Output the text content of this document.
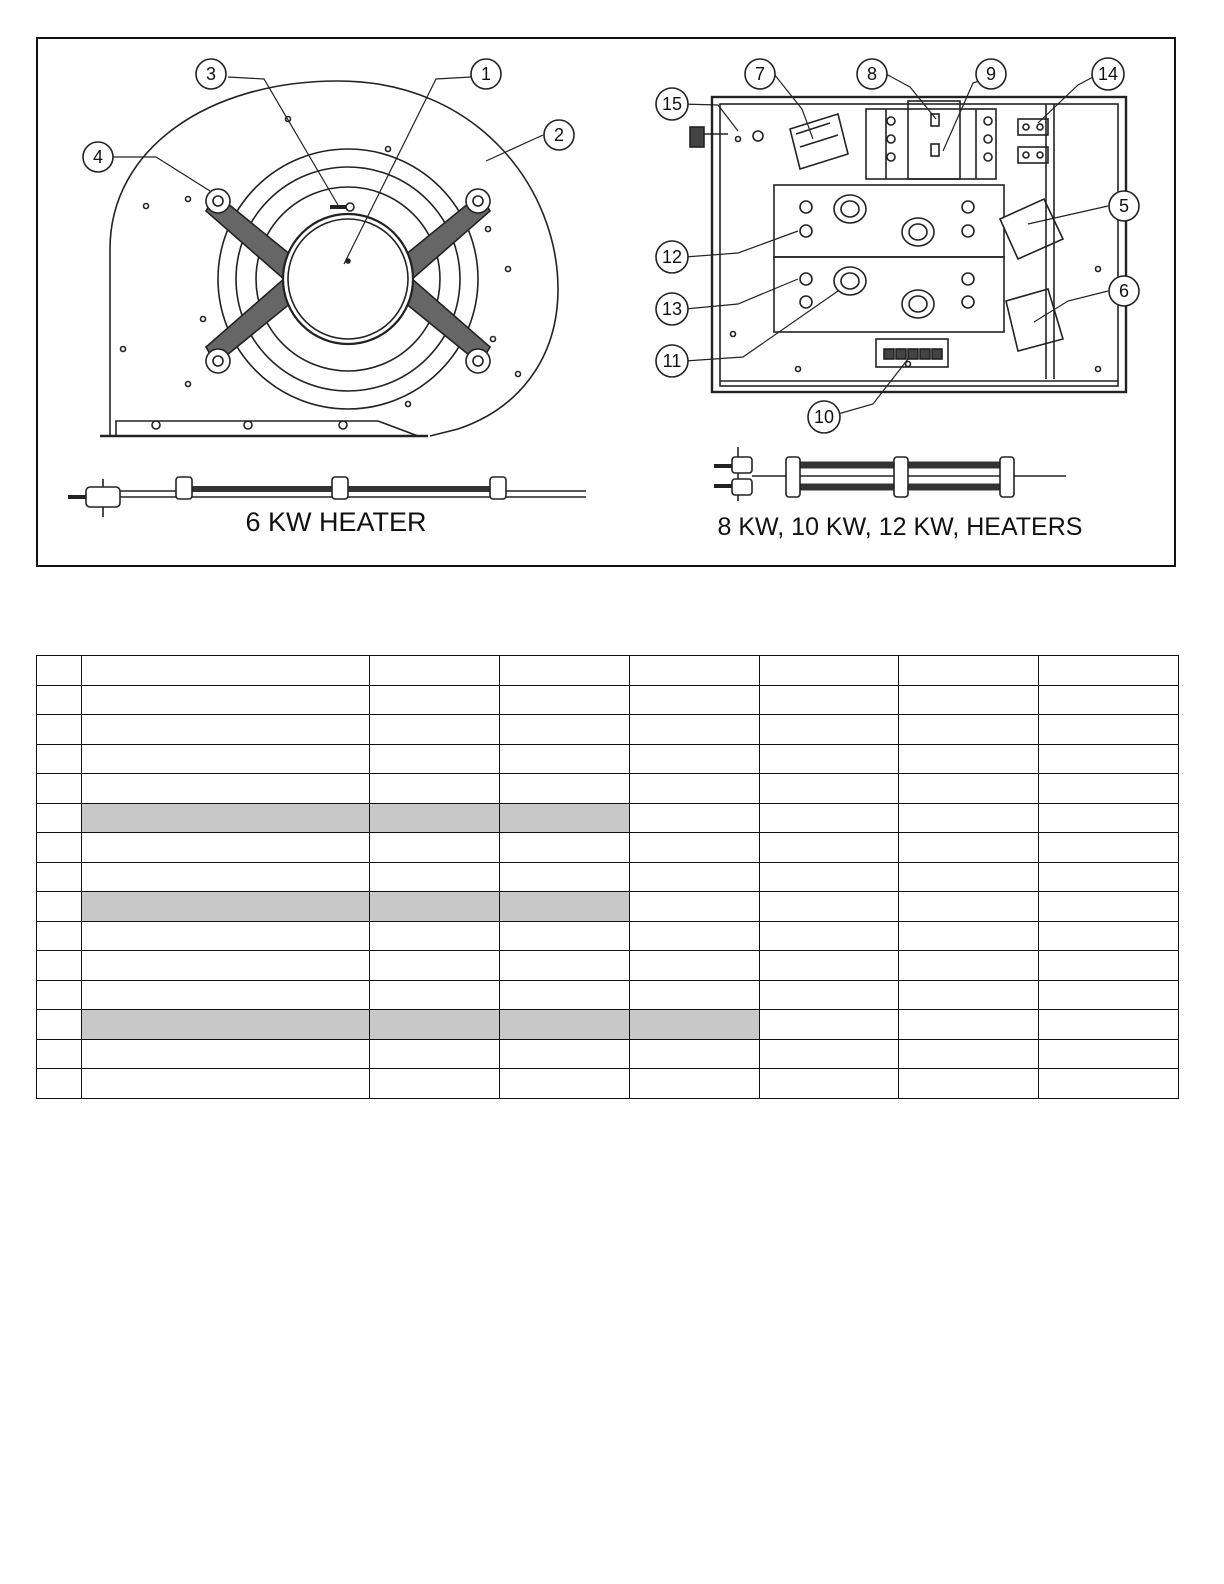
1
2
3
4
5
6
7	8	9
10
11
12
13
14
15
6 KW HEATER	8 KW, 10 KW, 12 KW, HEATERS
